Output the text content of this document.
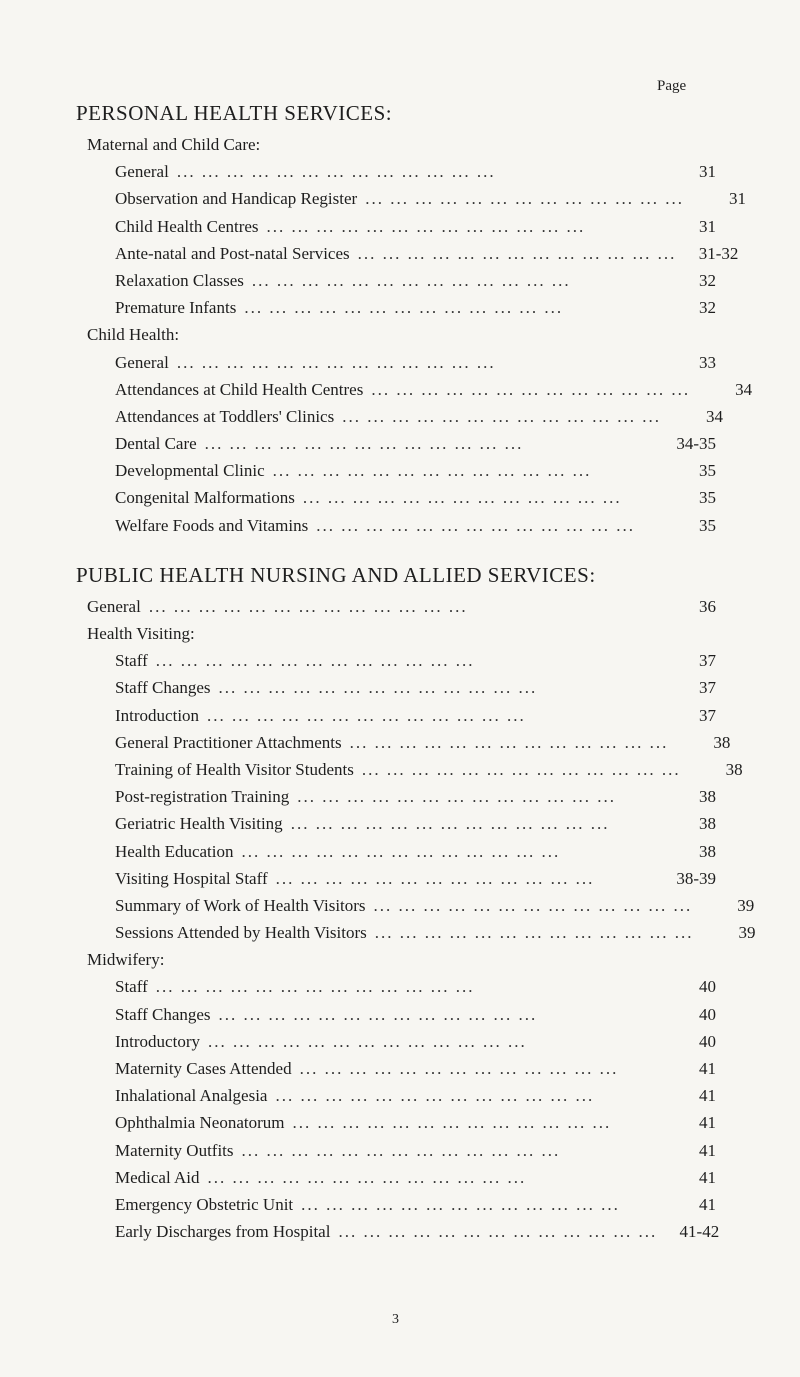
Page
PERSONAL HEALTH SERVICES:
Maternal and Child Care:
General ... ... ... ... ... ... ... ... ... ... ... ... ...	31
Observation and Handicap Register ... ... ... ... ... ... ... ... ... ... ... ... ...	31
Child Health Centres ... ... ... ... ... ... ... ... ... ... ... ... ...	31
Ante-natal and Post-natal Services ... ... ... ... ... ... ... ... ... ... ... ... ...	31-32
Relaxation Classes ... ... ... ... ... ... ... ... ... ... ... ... ...	32
Premature Infants ... ... ... ... ... ... ... ... ... ... ... ... ...	32
Child Health:
General ... ... ... ... ... ... ... ... ... ... ... ... ...	33
Attendances at Child Health Centres ... ... ... ... ... ... ... ... ... ... ... ... ...	34
Attendances at Toddlers' Clinics ... ... ... ... ... ... ... ... ... ... ... ... ...	34
Dental Care ... ... ... ... ... ... ... ... ... ... ... ... ...	34-35
Developmental Clinic ... ... ... ... ... ... ... ... ... ... ... ... ...	35
Congenital Malformations ... ... ... ... ... ... ... ... ... ... ... ... ...	35
Welfare Foods and Vitamins ... ... ... ... ... ... ... ... ... ... ... ... ...	35
PUBLIC HEALTH NURSING AND ALLIED SERVICES:
General ... ... ... ... ... ... ... ... ... ... ... ... ...	36
Health Visiting:
Staff ... ... ... ... ... ... ... ... ... ... ... ... ...	37
Staff Changes ... ... ... ... ... ... ... ... ... ... ... ... ...	37
Introduction ... ... ... ... ... ... ... ... ... ... ... ... ...	37
General Practitioner Attachments ... ... ... ... ... ... ... ... ... ... ... ... ...	38
Training of Health Visitor Students ... ... ... ... ... ... ... ... ... ... ... ... ...	38
Post-registration Training ... ... ... ... ... ... ... ... ... ... ... ... ...	38
Geriatric Health Visiting ... ... ... ... ... ... ... ... ... ... ... ... ...	38
Health Education ... ... ... ... ... ... ... ... ... ... ... ... ...	38
Visiting Hospital Staff ... ... ... ... ... ... ... ... ... ... ... ... ...	38-39
Summary of Work of Health Visitors ... ... ... ... ... ... ... ... ... ... ... ... ...	39
Sessions Attended by Health Visitors ... ... ... ... ... ... ... ... ... ... ... ... ...	39
Midwifery:
Staff ... ... ... ... ... ... ... ... ... ... ... ... ...	40
Staff Changes ... ... ... ... ... ... ... ... ... ... ... ... ...	40
Introductory ... ... ... ... ... ... ... ... ... ... ... ... ...	40
Maternity Cases Attended ... ... ... ... ... ... ... ... ... ... ... ... ...	41
Inhalational Analgesia ... ... ... ... ... ... ... ... ... ... ... ... ...	41
Ophthalmia Neonatorum ... ... ... ... ... ... ... ... ... ... ... ... ...	41
Maternity Outfits ... ... ... ... ... ... ... ... ... ... ... ... ...	41
Medical Aid ... ... ... ... ... ... ... ... ... ... ... ... ...	41
Emergency Obstetric Unit ... ... ... ... ... ... ... ... ... ... ... ... ...	41
Early Discharges from Hospital ... ... ... ... ... ... ... ... ... ... ... ... ...	41-42
3
